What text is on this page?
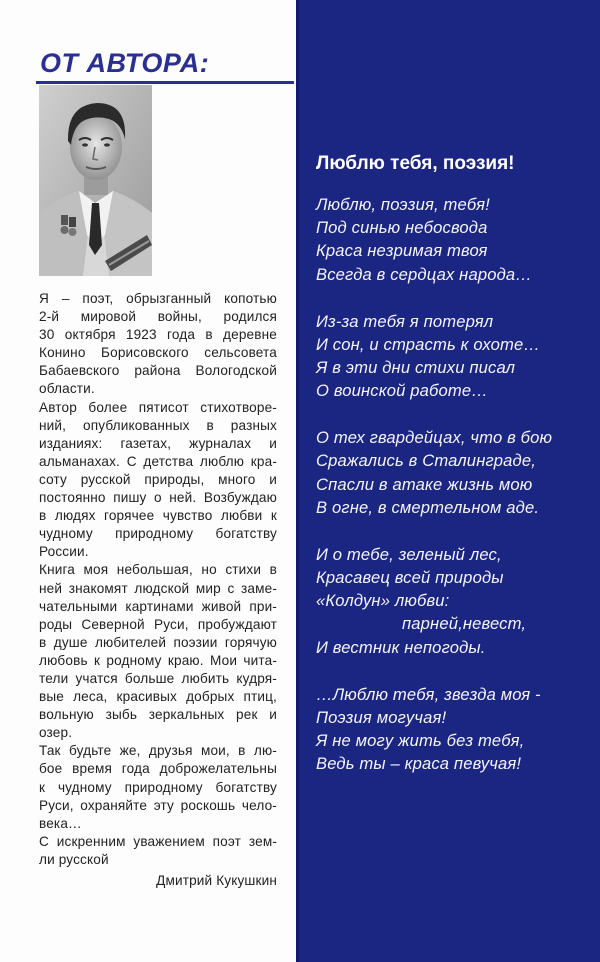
ОТ АВТОРА:
Я – поэт, обрызганный копотью
2-й мировой войны, родился
30 октября 1923 года в деревне
Конино Борисовского сельсовета
Бабаевского района Вологодской
области.
Автор более пятисот стихотворе-
ний, опубликованных в разных
изданиях: газетах, журналах и
альманахах. С детства люблю кра-
соту русской природы, много и
постоянно пишу о ней. Возбуждаю
в людях горячее чувство любви к
чудному природному богатству
России.
Книга моя небольшая, но стихи в
ней знакомят людской мир с заме-
чательными картинами живой при-
роды Северной Руси, пробуждают
в душе любителей поэзии горячую
любовь к родному краю. Мои чита-
тели учатся больше любить кудря-
вые леса, красивых добрых птиц,
вольную зыбь зеркальных рек и
озер.
Так будьте же, друзья мои, в лю-
бое время года доброжелательны
к чудному природному богатству
Руси, охраняйте эту роскошь чело-
века…
С искренним уважением поэт зем-
ли русской
Дмитрий Кукушкин
Люблю тебя, поэзия!
Люблю, поэзия, тебя!
Под синью небосвода
Краса незримая твоя
Всегда в сердцах народа…
Из-за тебя я потерял
И сон, и страсть к охоте…
Я в эти дни стихи писал
О воинской работе…
О тех гвардейцах, что в бою
Сражались в Сталинграде,
Спасли в атаке жизнь мою
В огне, в смертельном аде.
И о тебе, зеленый лес,
Красавец всей природы
«Колдун» любви:
парней,невест,
И вестник непогоды.
…Люблю тебя, звезда моя -
Поэзия могучая!
Я не могу жить без тебя,
Ведь ты – краса певучая!
